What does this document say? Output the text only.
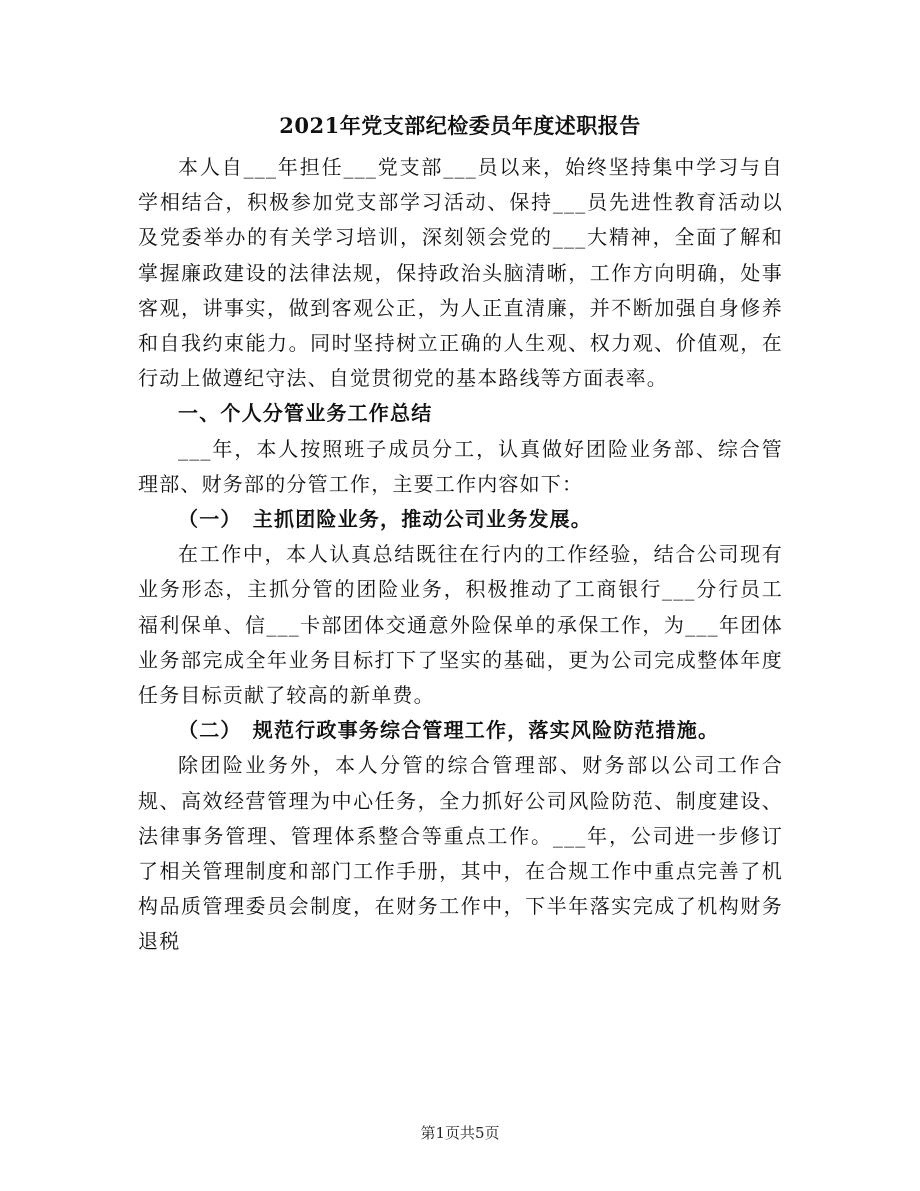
2021年党支部纪检委员年度述职报告

本人自___年担任___党支部___员以来，始终坚持集中学习与自学相结合，积极参加党支部学习活动、保持___员先进性教育活动以及党委举办的有关学习培训，深刻领会党的___大精神，全面了解和掌握廉政建设的法律法规，保持政治头脑清晰，工作方向明确，处事客观，讲事实，做到客观公正，为人正直清廉，并不断加强自身修养和自我约束能力。同时坚持树立正确的人生观、权力观、价值观，在行动上做遵纪守法、自觉贯彻党的基本路线等方面表率。

一、个人分管业务工作总结

___年，本人按照班子成员分工，认真做好团险业务部、综合管理部、财务部的分管工作，主要工作内容如下：

（一）　主抓团险业务，推动公司业务发展。

在工作中，本人认真总结既往在行内的工作经验，结合公司现有业务形态，主抓分管的团险业务，积极推动了工商银行___分行员工福利保单、信___卡部团体交通意外险保单的承保工作，为___年团体业务部完成全年业务目标打下了坚实的基础，更为公司完成整体年度任务目标贡献了较高的新单费。

（二）　规范行政事务综合管理工作，落实风险防范措施。

除团险业务外，本人分管的综合管理部、财务部以公司工作合规、高效经营管理为中心任务，全力抓好公司风险防范、制度建设、法律事务管理、管理体系整合等重点工作。___年，公司进一步修订了相关管理制度和部门工作手册，其中，在合规工作中重点完善了机构品质管理委员会制度，在财务工作中，下半年落实完成了机构财务退税

第1页共5页
